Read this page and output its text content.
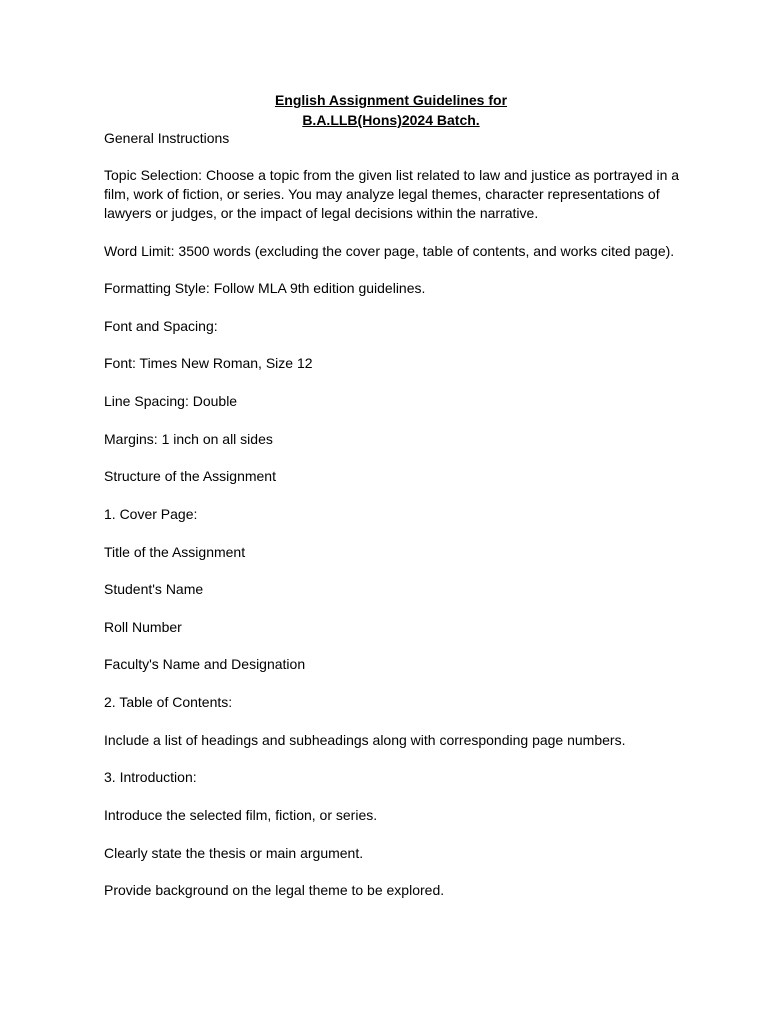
English Assignment Guidelines for
B.A.LLB(Hons)2024 Batch.
General Instructions
Topic Selection: Choose a topic from the given list related to law and justice as portrayed in a
film, work of fiction, or series. You may analyze legal themes, character representations of
lawyers or judges, or the impact of legal decisions within the narrative.
Word Limit: 3500 words (excluding the cover page, table of contents, and works cited page).
Formatting Style: Follow MLA 9th edition guidelines.
Font and Spacing:
Font: Times New Roman, Size 12
Line Spacing: Double
Margins: 1 inch on all sides
Structure of the Assignment
1. Cover Page:
Title of the Assignment
Student's Name
Roll Number
Faculty's Name and Designation
2. Table of Contents:
Include a list of headings and subheadings along with corresponding page numbers.
3. Introduction:
Introduce the selected film, fiction, or series.
Clearly state the thesis or main argument.
Provide background on the legal theme to be explored.
